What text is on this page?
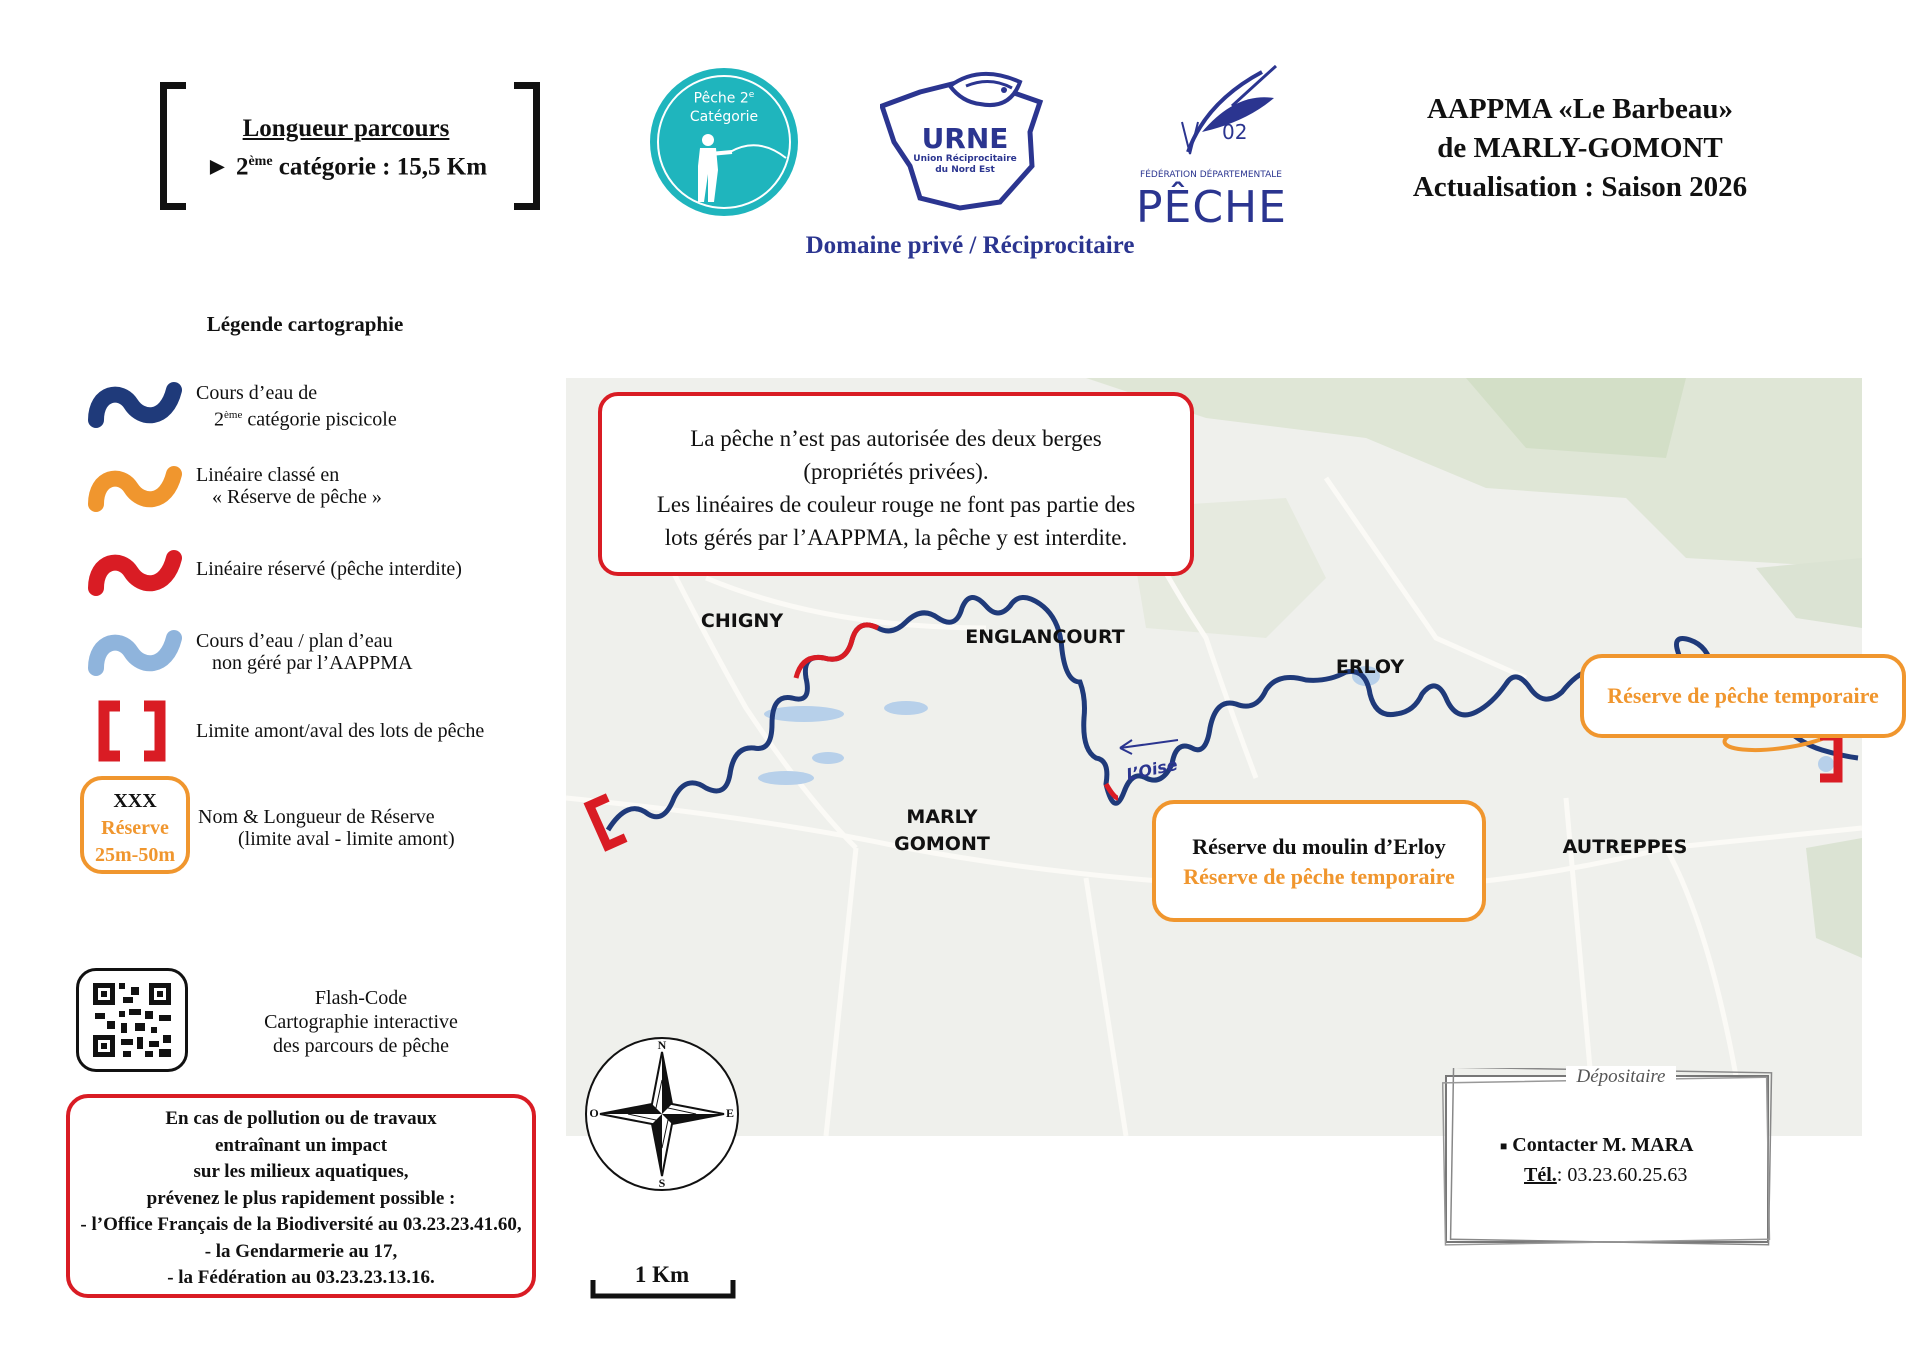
Longueur parcours
► 2ème catégorie : 15,5 Km
Pêche 2e
Catégorie
URNE
Union Réciprocitaire
du Nord Est
02
FÉDÉRATION DÉPARTEMENTALE
PÊCHE
AAPPMA «Le Barbeau»
de MARLY-GOMONT
Actualisation : Saison 2026
Domaine privé / Réciprocitaire
Légende cartographie
Cours d’eau de
2ème catégorie piscicole
Linéaire classé en
« Réserve de pêche »
Linéaire réservé (pêche interdite)
Cours d’eau / plan d’eau
non géré par l’AAPPMA
Limite amont/aval des lots de pêche
XXX
Réserve
25m-50m
Nom & Longueur de Réserve
(limite aval - limite amont)
Flash-Code
Cartographie interactive
des parcours de pêche
En cas de pollution ou de travaux
entraînant un impact
sur les milieux aquatiques,
prévenez le plus rapidement possible :
- l’Office Français de la Biodiversité au 03.23.23.41.60,
- la Gendarmerie au 17,
- la Fédération au 03.23.23.13.16.
CHIGNY
ENGLANCOURT
ERLOY
MARLY
GOMONT	AUTREPPES
L’Oise
La pêche n’est pas autorisée des deux berges
(propriétés privées).
Les linéaires de couleur rouge ne font pas partie des
lots gérés par l’AAPPMA, la pêche y est interdite.
Réserve de pêche temporaire
Réserve du moulin d’Erloy
Réserve de pêche temporaire
N
S
E
O
1 Km
Dépositaire
■ Contacter M. MARA
Tél.: 03.23.60.25.63
